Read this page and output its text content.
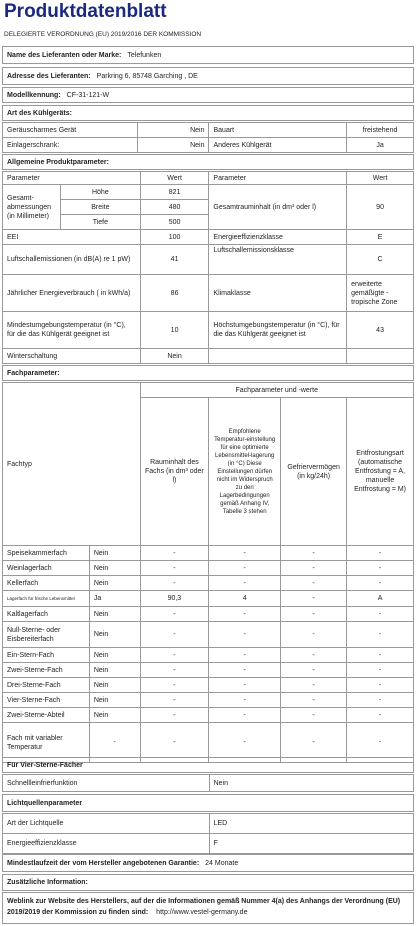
Produktdatenblatt
DELEGIERTE VERORDNUNG (EU) 2019/2016 DER KOMMISSION
Name des Lieferanten oder Marke: Telefunken
Adresse des Lieferanten: Parkring 6, 85748 Garching , DE
Modellkennung: CF-31-121-W
Art des Kühlgeräts:
Geräuscharmes Gerät	Nein	Bauart	freistehend
Einlagerschrank:	Nein	Anderes Kühlgerät	Ja
Allgemeine Produktparameter:
Parameter		Wert	Parameter	Wert
Gesamt-abmessungen (in Millimeter)	Höhe	821	Gesamtrauminhalt (in dm³ oder l)	90
	Breite	480		
	Tiefe	500		
EEI		100	Energieeffizienzklasse	E
Luftschallemissionen (in dB(A) re 1 pW)		41	Luftschallemissionsklasse	C
Jährlicher Energieverbrauch ( in kWh/a)		86	Klimaklasse	erweiterte gemäßigte - tropische Zone
Mindestumgebungstemperatur (in °C), für die das Kühlgerät geeignet ist		10	Höchstumgebungstemperatur (in °C), für die das Kühlgerät geeignet ist	43
Winterschaltung		Nein		
Fachparameter:
Fachtyp		Fachparameter und -werte			
		Rauminhalt des Fachs (in dm³ oder l)	Empfohlene Temperatur-einstellung für eine optimierte Lebensmittel-lagerung (in °C) Diese Einstellungen dürfen nicht im Widerspruch zu den Lagerbedingungen gemäß Anhang IV, Tabelle 3 stehen	Gefriervermögen (in kg/24h)	Entfrostungsart (automatische Entfrostung = A, manuelle Entfrostung = M)
Speisekammerfach	Nein	-	-	-	-
Weinlagerfach	Nein	-	-	-	-
Kellerfach	Nein	-	-	-	-
Lagerfach für frische Lebensmittel	Ja	90,3	4	-	A
Kaltlagerfach	Nein	-	-	-	-
Null-Sterne- oder Eisbereiterfach	Nein	-	-	-	-
Ein-Stern-Fach	Nein	-	-	-	-
Zwei-Sterne-Fach	Nein	-	-	-	-
Drei-Sterne-Fach	Nein	-	-	-	-
Vier-Sterne-Fach	Nein	-	-	-	-
Zwei-Sterne-Abteil	Nein	-	-	-	-
Fach mit variabler Temperatur	-	-	-	-	-
Für Vier-Sterne-Fächer
Schnellleinfrierfunktion	Nein
Lichtquellenparameter
Art der Lichtquelle	LED
Energieeffizienzklasse	F
Mindestlaufzeit der vom Hersteller angebotenen Garantie: 24 Monate
Zusätzliche Information:
Weblink zur Website des Herstellers, auf der die Informationen gemäß Nummer 4(a) des Anhangs der Verordnung (EU) 2019/2019 der Kommission zu finden sind: http://www.vestel-germany.de
